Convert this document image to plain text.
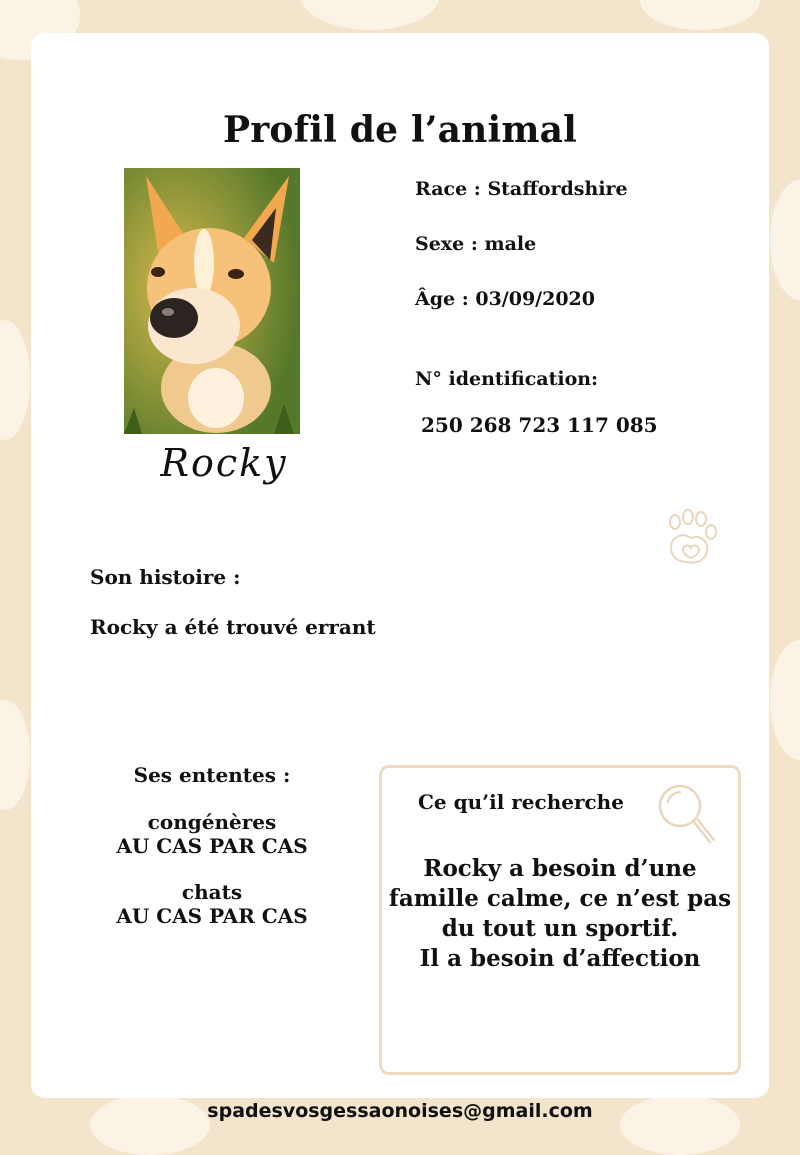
Profil de l’animal
Rocky
Race : Staffordshire
Sexe : male
Âge : 03/09/2020
N° identification:
250 268 723 117 085
Son histoire :
Rocky a été trouvé errant
Ses ententes :
congénères
AU CAS PAR CAS
chats
AU CAS PAR CAS
Ce qu’il recherche
Rocky a besoin d’une
famille calme, ce n’est pas
du tout un sportif.
Il a besoin d’affection
spadesvosgessaonoises@gmail.com
